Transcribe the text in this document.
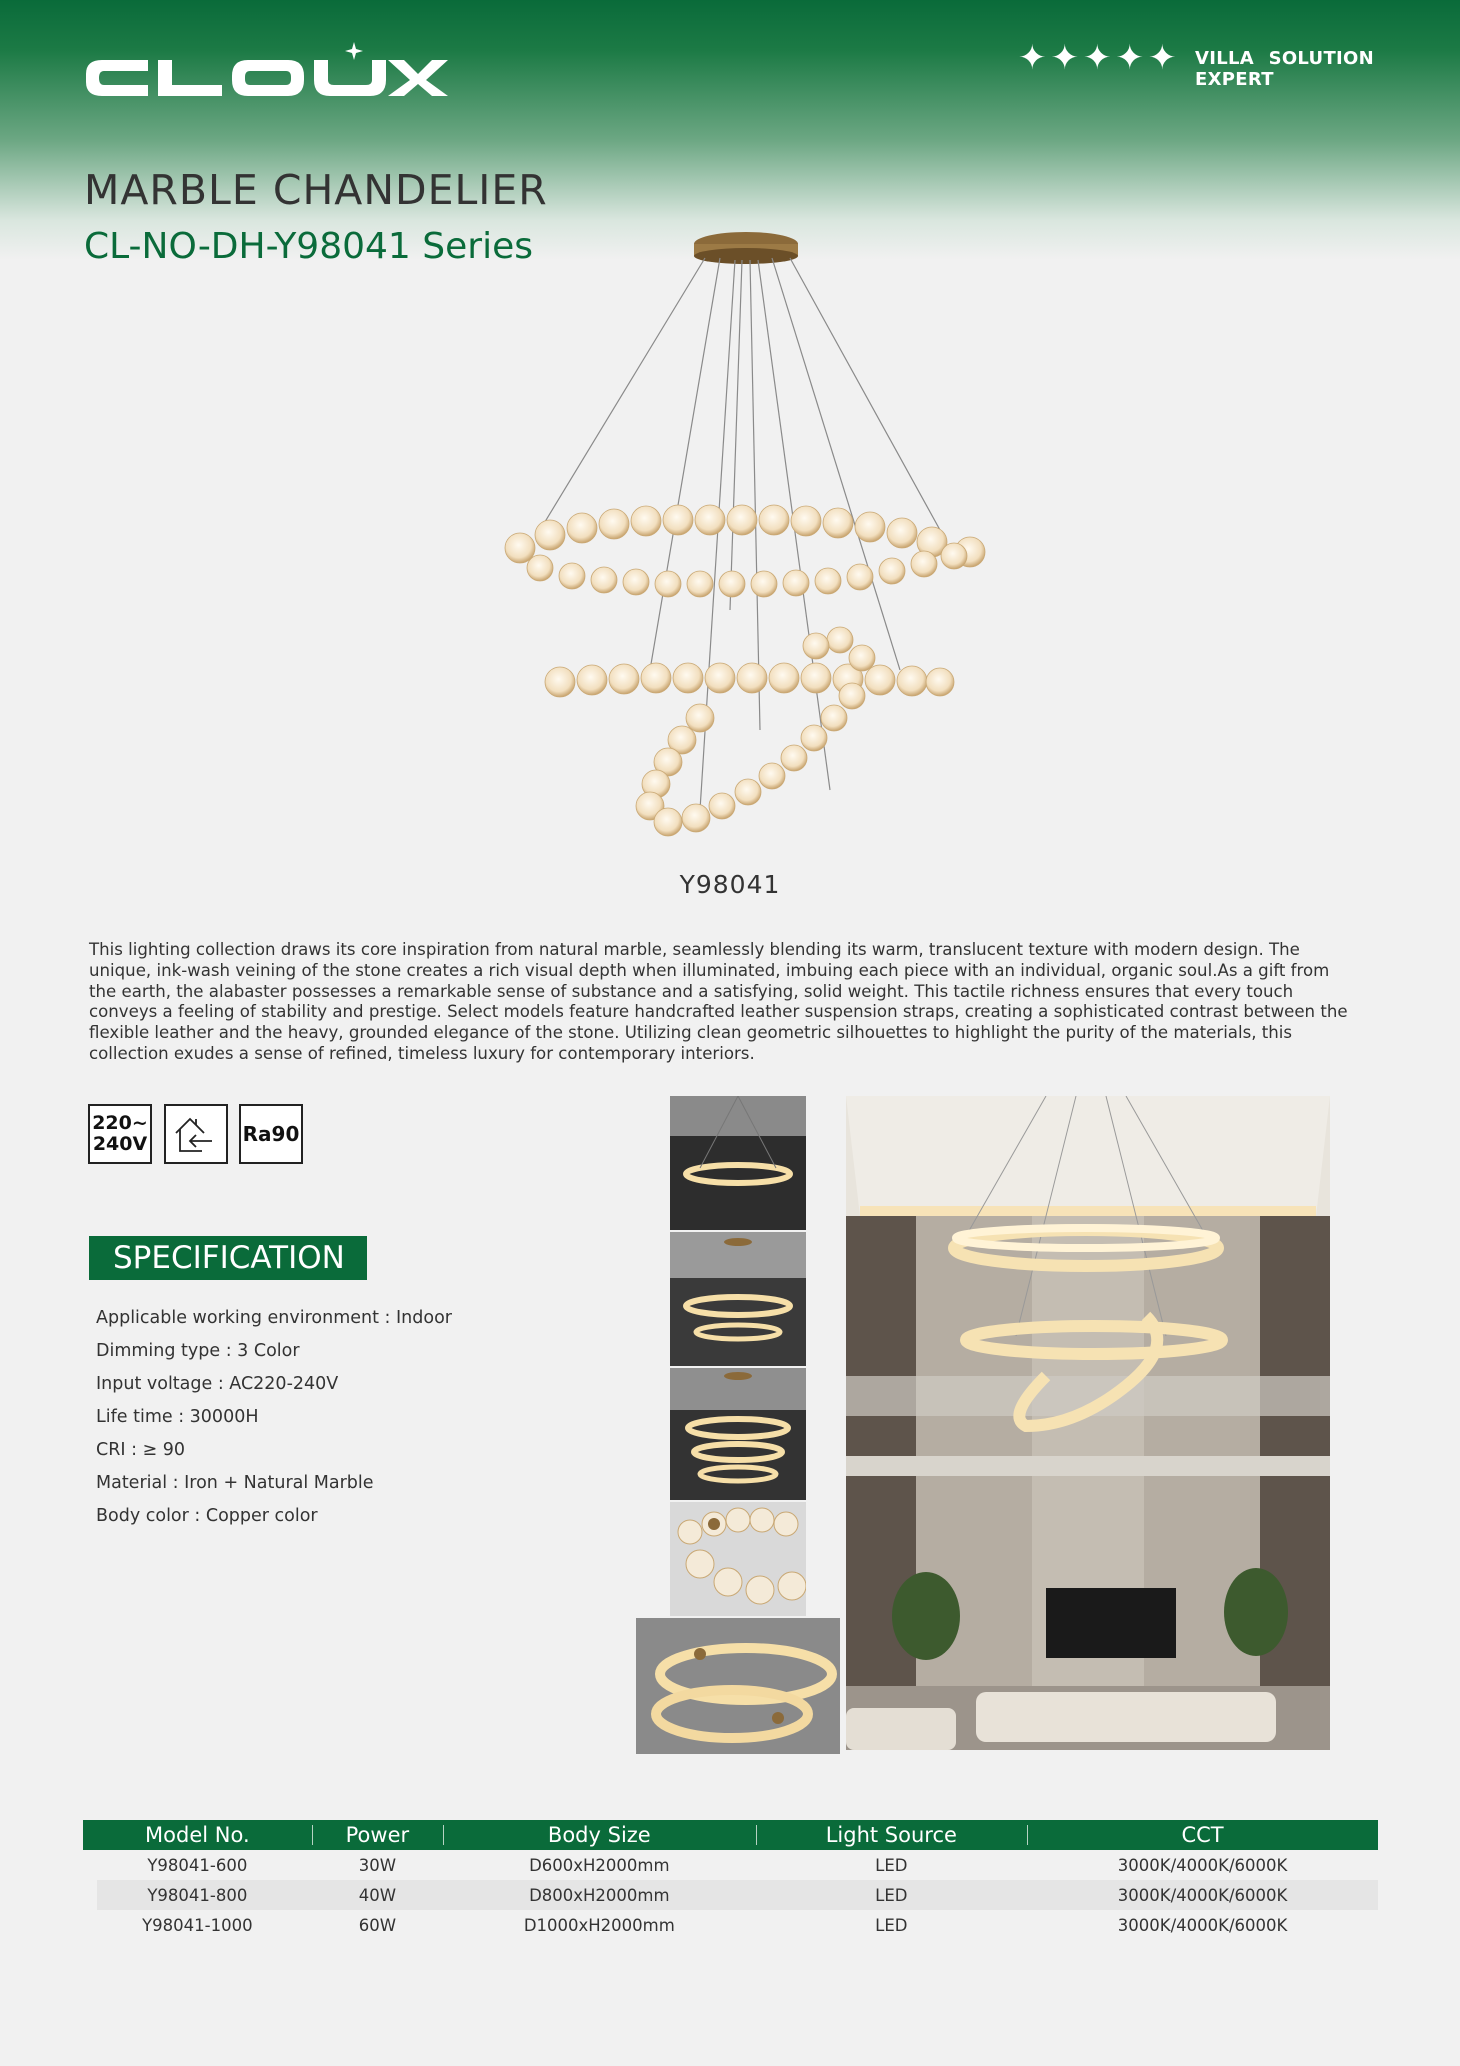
✦ ✦ ✦ ✦ ✦ VILLA SOLUTION EXPERT
MARBLE CHANDELIER
CL-NO-DH-Y98041 Series
Y98041
This lighting collection draws its core inspiration from natural marble, seamlessly blending its warm, translucent texture with modern design. The unique, ink-wash veining of the stone creates a rich visual depth when illuminated, imbuing each piece with an individual, organic soul.As a gift from the earth, the alabaster possesses a remarkable sense of substance and a satisfying, solid weight. This tactile richness ensures that every touch conveys a feeling of stability and prestige. Select models feature handcrafted leather suspension straps, creating a sophisticated contrast between the flexible leather and the heavy, grounded elegance of the stone. Utilizing clean geometric silhouettes to highlight the purity of the materials, this collection exudes a sense of refined, timeless luxury for contemporary interiors.
220~
240V	Ra90
SPECIFICATION
Applicable working environment : Indoor
Dimming type : 3 Color
Input voltage : AC220-240V
Life time : 30000H
CRI : ≥ 90
Material : Iron + Natural Marble
Body color : Copper color
Model No.	Power	Body Size	Light Source	CCT
Y98041-600	30W	D600xH2000mm	LED	3000K/4000K/6000K
Y98041-800	40W	D800xH2000mm	LED	3000K/4000K/6000K
Y98041-1000	60W	D1000xH2000mm	LED	3000K/4000K/6000K
